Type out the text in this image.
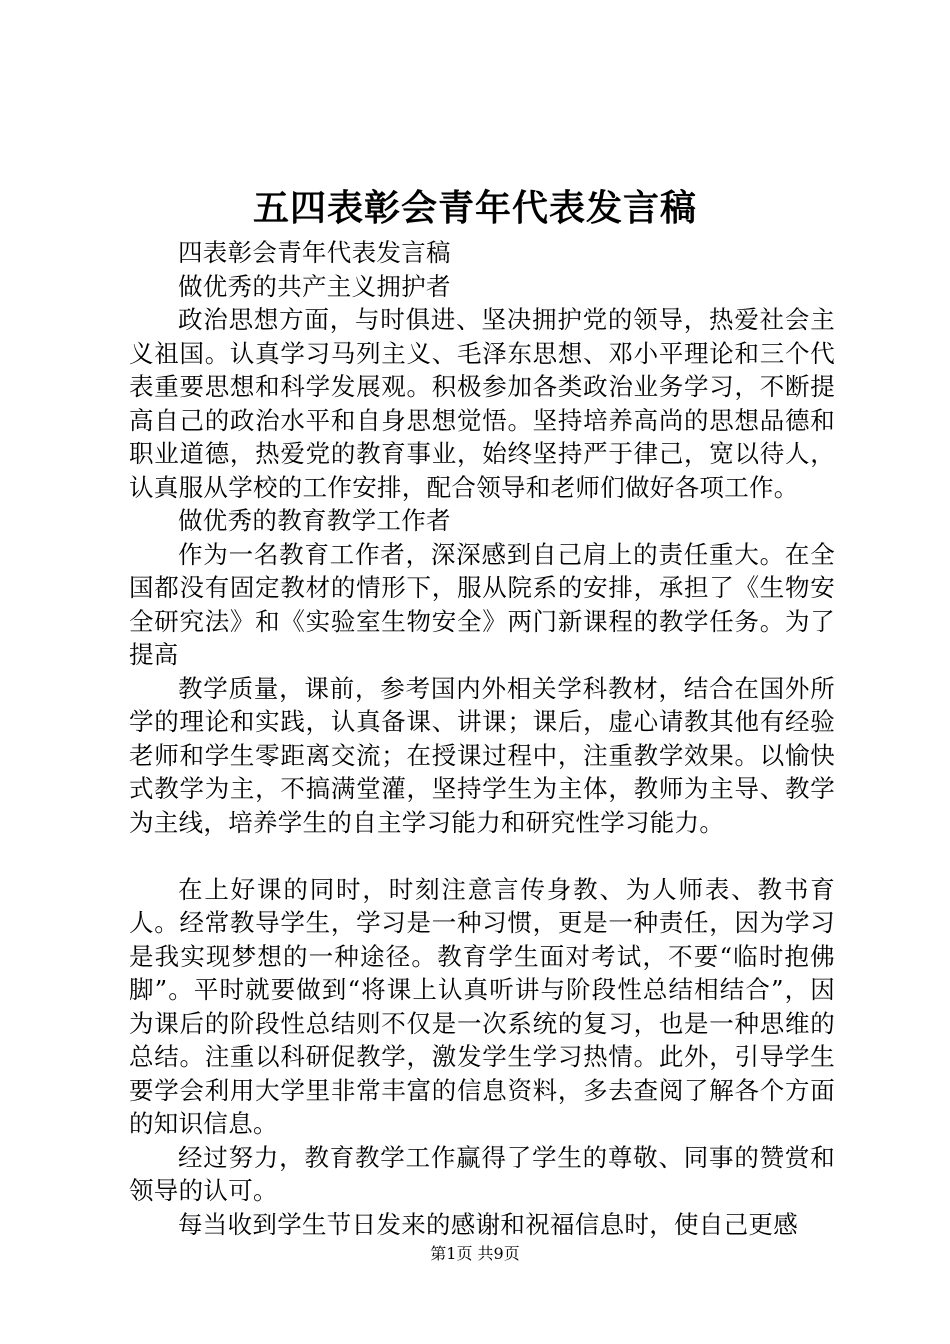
五四表彰会青年代表发言稿

四表彰会青年代表发言稿

做优秀的共产主义拥护者

政治思想方面，与时俱进、坚决拥护党的领导，热爱社会主义祖国。认真学习马列主义、毛泽东思想、邓小平理论和三个代表重要思想和科学发展观。积极参加各类政治业务学习，不断提高自己的政治水平和自身思想觉悟。坚持培养高尚的思想品德和职业道德，热爱党的教育事业，始终坚持严于律己，宽以待人，认真服从学校的工作安排，配合领导和老师们做好各项工作。

做优秀的教育教学工作者

作为一名教育工作者，深深感到自己肩上的责任重大。在全国都没有固定教材的情形下，服从院系的安排，承担了《生物安全研究法》和《实验室生物安全》两门新课程的教学任务。为了提高

教学质量，课前，参考国内外相关学科教材，结合在国外所学的理论和实践，认真备课、讲课；课后，虚心请教其他有经验老师和学生零距离交流；在授课过程中，注重教学效果。以愉快式教学为主，不搞满堂灌，坚持学生为主体，教师为主导、教学为主线，培养学生的自主学习能力和研究性学习能力。

在上好课的同时，时刻注意言传身教、为人师表、教书育人。经常教导学生，学习是一种习惯，更是一种责任，因为学习是我实现梦想的一种途径。教育学生面对考试，不要“临时抱佛脚”。平时就要做到“将课上认真听讲与阶段性总结相结合”，因为课后的阶段性总结则不仅是一次系统的复习，也是一种思维的总结。注重以科研促教学，激发学生学习热情。此外，引导学生要学会利用大学里非常丰富的信息资料，多去查阅了解各个方面的知识信息。

经过努力，教育教学工作赢得了学生的尊敬、同事的赞赏和领导的认可。

每当收到学生节日发来的感谢和祝福信息时，使自己更感

第1页 共9页
